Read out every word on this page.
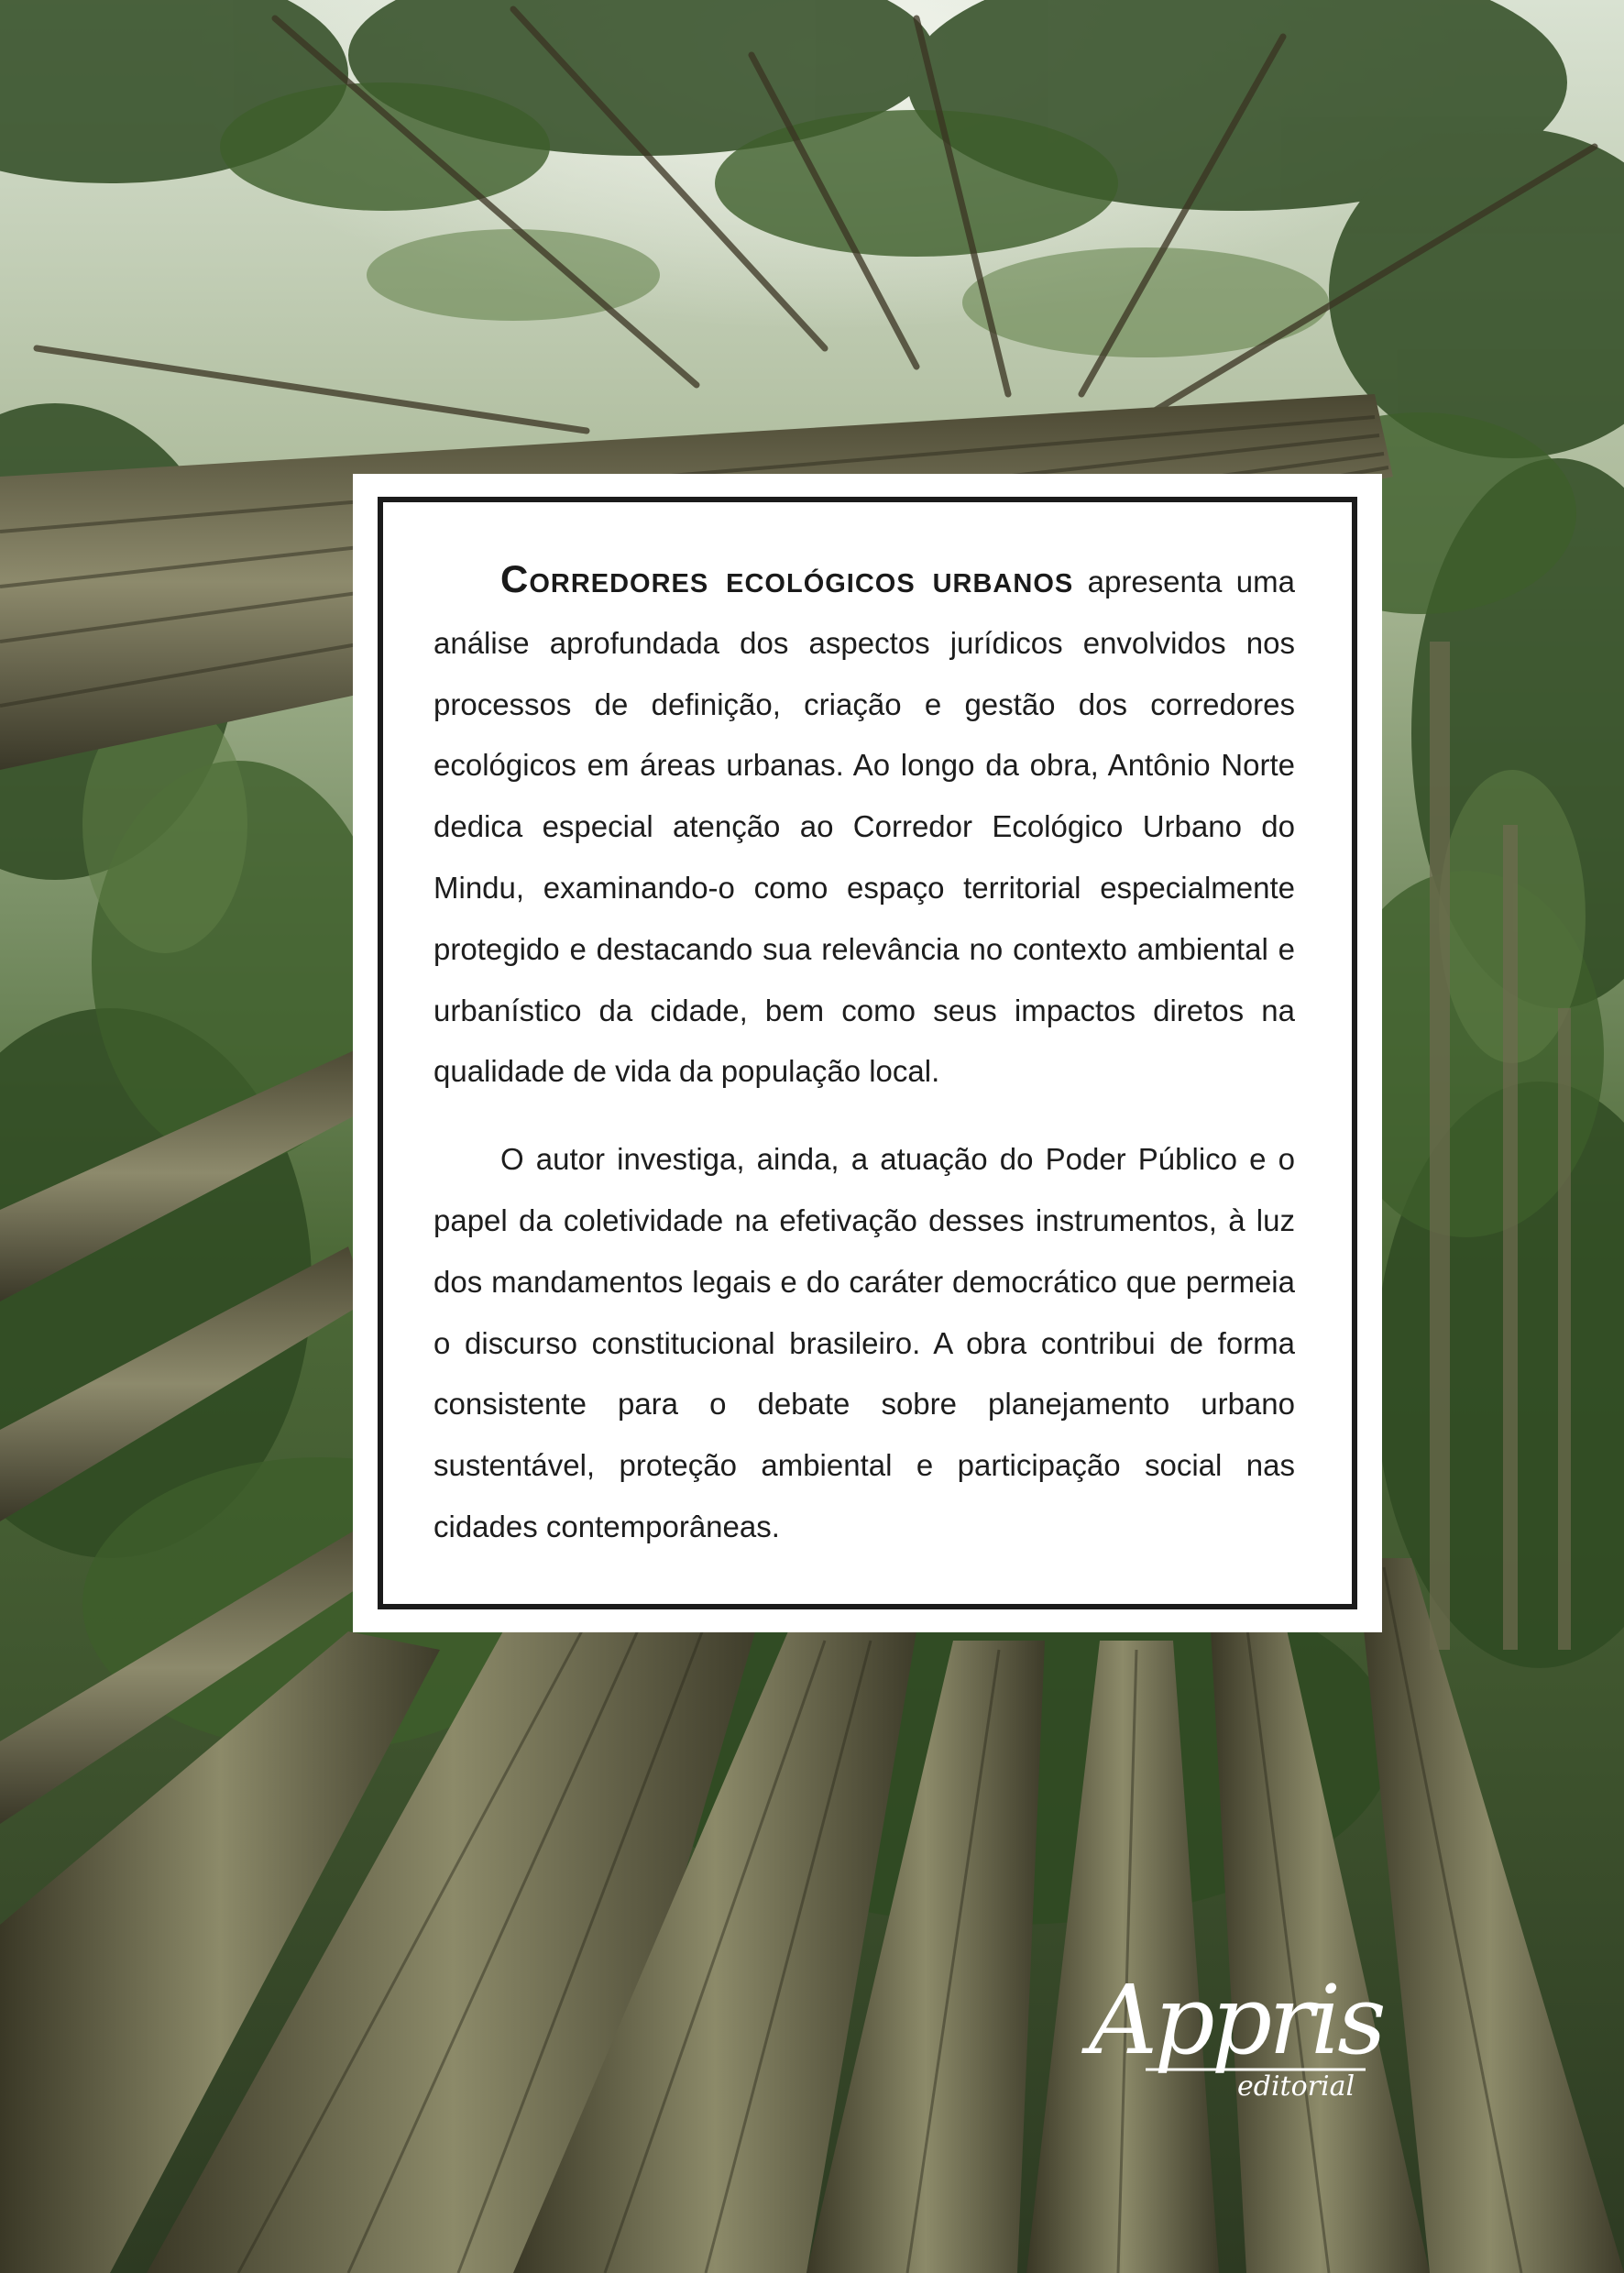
Corredores ecológicos urbanos apresenta uma análise aprofundada dos aspectos jurídicos envolvidos nos processos de definição, criação e gestão dos corredores ecológicos em áreas urbanas. Ao longo da obra, Antônio Norte dedica especial atenção ao Corredor Ecológico Urbano do Mindu, examinando-o como espaço territorial especialmente protegido e destacando sua relevância no contexto ambiental e urbanístico da cidade, bem como seus impactos diretos na qualidade de vida da população local.

O autor investiga, ainda, a atuação do Poder Público e o papel da coletividade na efetivação desses instrumentos, à luz dos mandamentos legais e do caráter democrático que permeia o discurso constitucional brasileiro. A obra contribui de forma consistente para o debate sobre planejamento urbano sustentável, proteção ambiental e participação social nas cidades contemporâneas.

Appris
editorial
